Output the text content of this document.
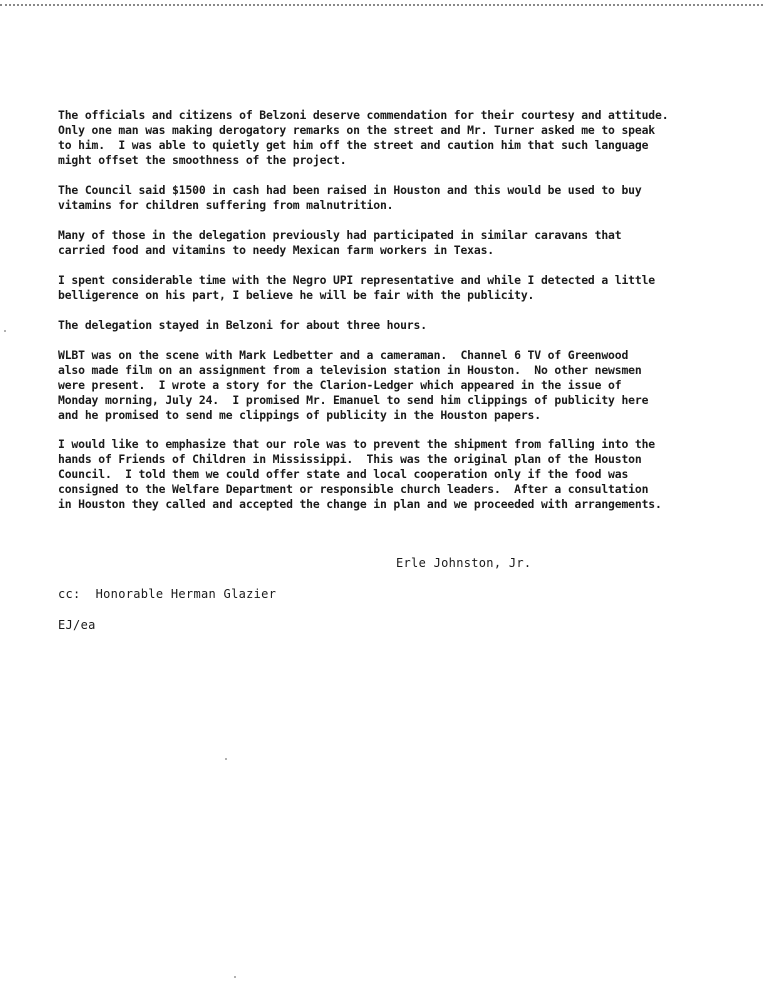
The officials and citizens of Belzoni deserve commendation for their courtesy and attitude.
Only one man was making derogatory remarks on the street and Mr. Turner asked me to speak
to him.  I was able to quietly get him off the street and caution him that such language
might offset the smoothness of the project.

The Council said $1500 in cash had been raised in Houston and this would be used to buy
vitamins for children suffering from malnutrition.

Many of those in the delegation previously had participated in similar caravans that
carried food and vitamins to needy Mexican farm workers in Texas.

I spent considerable time with the Negro UPI representative and while I detected a little
belligerence on his part, I believe he will be fair with the publicity.

The delegation stayed in Belzoni for about three hours.

WLBT was on the scene with Mark Ledbetter and a cameraman.  Channel 6 TV of Greenwood
also made film on an assignment from a television station in Houston.  No other newsmen
were present.  I wrote a story for the Clarion-Ledger which appeared in the issue of
Monday morning, July 24.  I promised Mr. Emanuel to send him clippings of publicity here
and he promised to send me clippings of publicity in the Houston papers.

I would like to emphasize that our role was to prevent the shipment from falling into the
hands of Friends of Children in Mississippi.  This was the original plan of the Houston
Council.  I told them we could offer state and local cooperation only if the food was
consigned to the Welfare Department or responsible church leaders.  After a consultation
in Houston they called and accepted the change in plan and we proceeded with arrangements.

Erle Johnston, Jr.

cc:  Honorable Herman Glazier

EJ/ea
